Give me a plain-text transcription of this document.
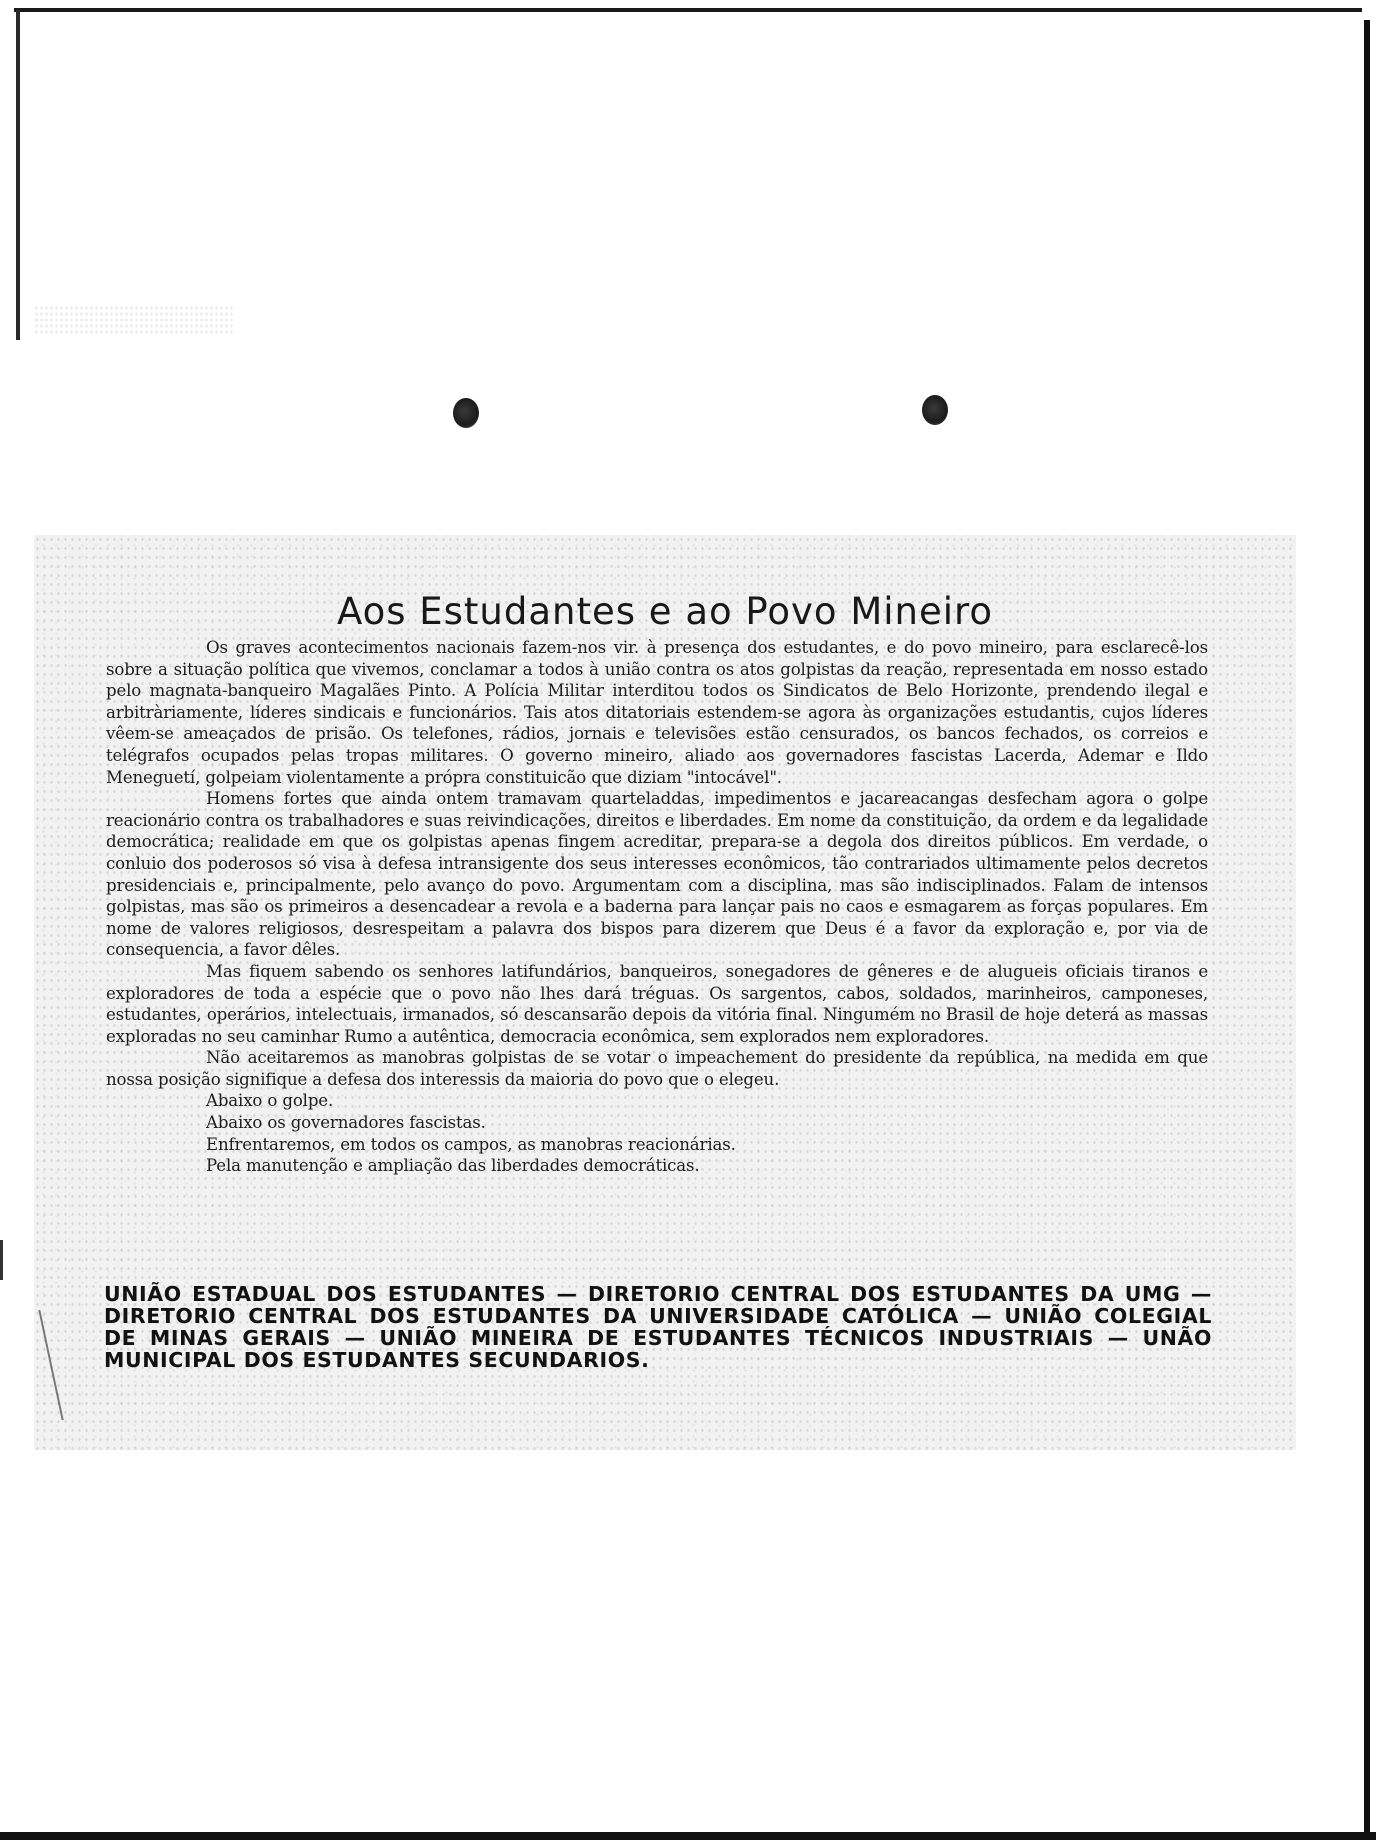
Aos Estudantes e ao Povo Mineiro

Os graves acontecimentos nacionais fazem-nos vir. à presença dos estudantes, e do povo mineiro, para esclarecê-los sobre a situação política que vivemos, conclamar a todos à união contra os atos golpistas da reação, representada em nosso estado pelo magnata-banqueiro Magalães Pinto. A Polícia Militar interditou todos os Sindicatos de Belo Horizonte, prendendo ilegal e arbitràriamente, líderes sindicais e funcionários. Tais atos ditatoriais estendem-se agora às organizações estudantis, cujos líderes vêem-se ameaçados de prisão. Os telefones, rádios, jornais e televisões estão censurados, os bancos fechados, os correios e telégrafos ocupados pelas tropas militares. O governo mineiro, aliado aos governadores fascistas Lacerda, Ademar e Ildo Meneguetí, golpeiam violentamente a própra constituicão que diziam "intocável".

Homens fortes que ainda ontem tramavam quarteladdas, impedimentos e jacareacangas desfecham agora o golpe reacionário contra os trabalhadores e suas reivindicações, direitos e liberdades. Em nome da constituição, da ordem e da legalidade democrática; realidade em que os golpistas apenas fingem acreditar, prepara-se a degola dos direitos públicos. Em verdade, o conluio dos poderosos só visa à defesa intransigente dos seus interesses econômicos, tão contrariados ultimamente pelos decretos presidenciais e, principalmente, pelo avanço do povo. Argumentam com a disciplina, mas são indisciplinados. Falam de intensos golpistas, mas são os primeiros a desencadear a revola e a baderna para lançar pais no caos e esmagarem as forças populares. Em nome de valores religiosos, desrespeitam a palavra dos bispos para dizerem que Deus é a favor da exploração e, por via de consequencia, a favor dêles.

Mas fiquem sabendo os senhores latifundários, banqueiros, sonegadores de gêneres e de alugueis oficiais tiranos e exploradores de toda a espécie que o povo não lhes dará tréguas. Os sargentos, cabos, soldados, marinheiros, camponeses, estudantes, operários, intelectuais, irmanados, só descansarão depois da vitória final. Ningumém no Brasil de hoje deterá as massas exploradas no seu caminhar Rumo a autêntica, democracia econômica, sem explorados nem exploradores.

Não aceitaremos as manobras golpistas de se votar o impeachement do presidente da república, na medida em que nossa posição signifique a defesa dos interessis da maioria do povo que o elegeu.

Abaixo o golpe.
Abaixo os governadores fascistas.
Enfrentaremos, em todos os campos, as manobras reacionárias.
Pela manutenção e ampliação das liberdades democráticas.
UNIÃO ESTADUAL DOS ESTUDANTES — DIRETORIO CENTRAL DOS ESTUDANTES DA UMG — DIRETORIO CENTRAL DOS ESTUDANTES DA UNIVERSIDADE CATÓLICA — UNIÃO COLEGIAL DE MINAS GERAIS — UNIÃO MINEIRA DE ESTUDANTES TÉCNICOS INDUSTRIAIS — UNÃO MUNICIPAL DOS ESTUDANTES SECUNDARIOS.
